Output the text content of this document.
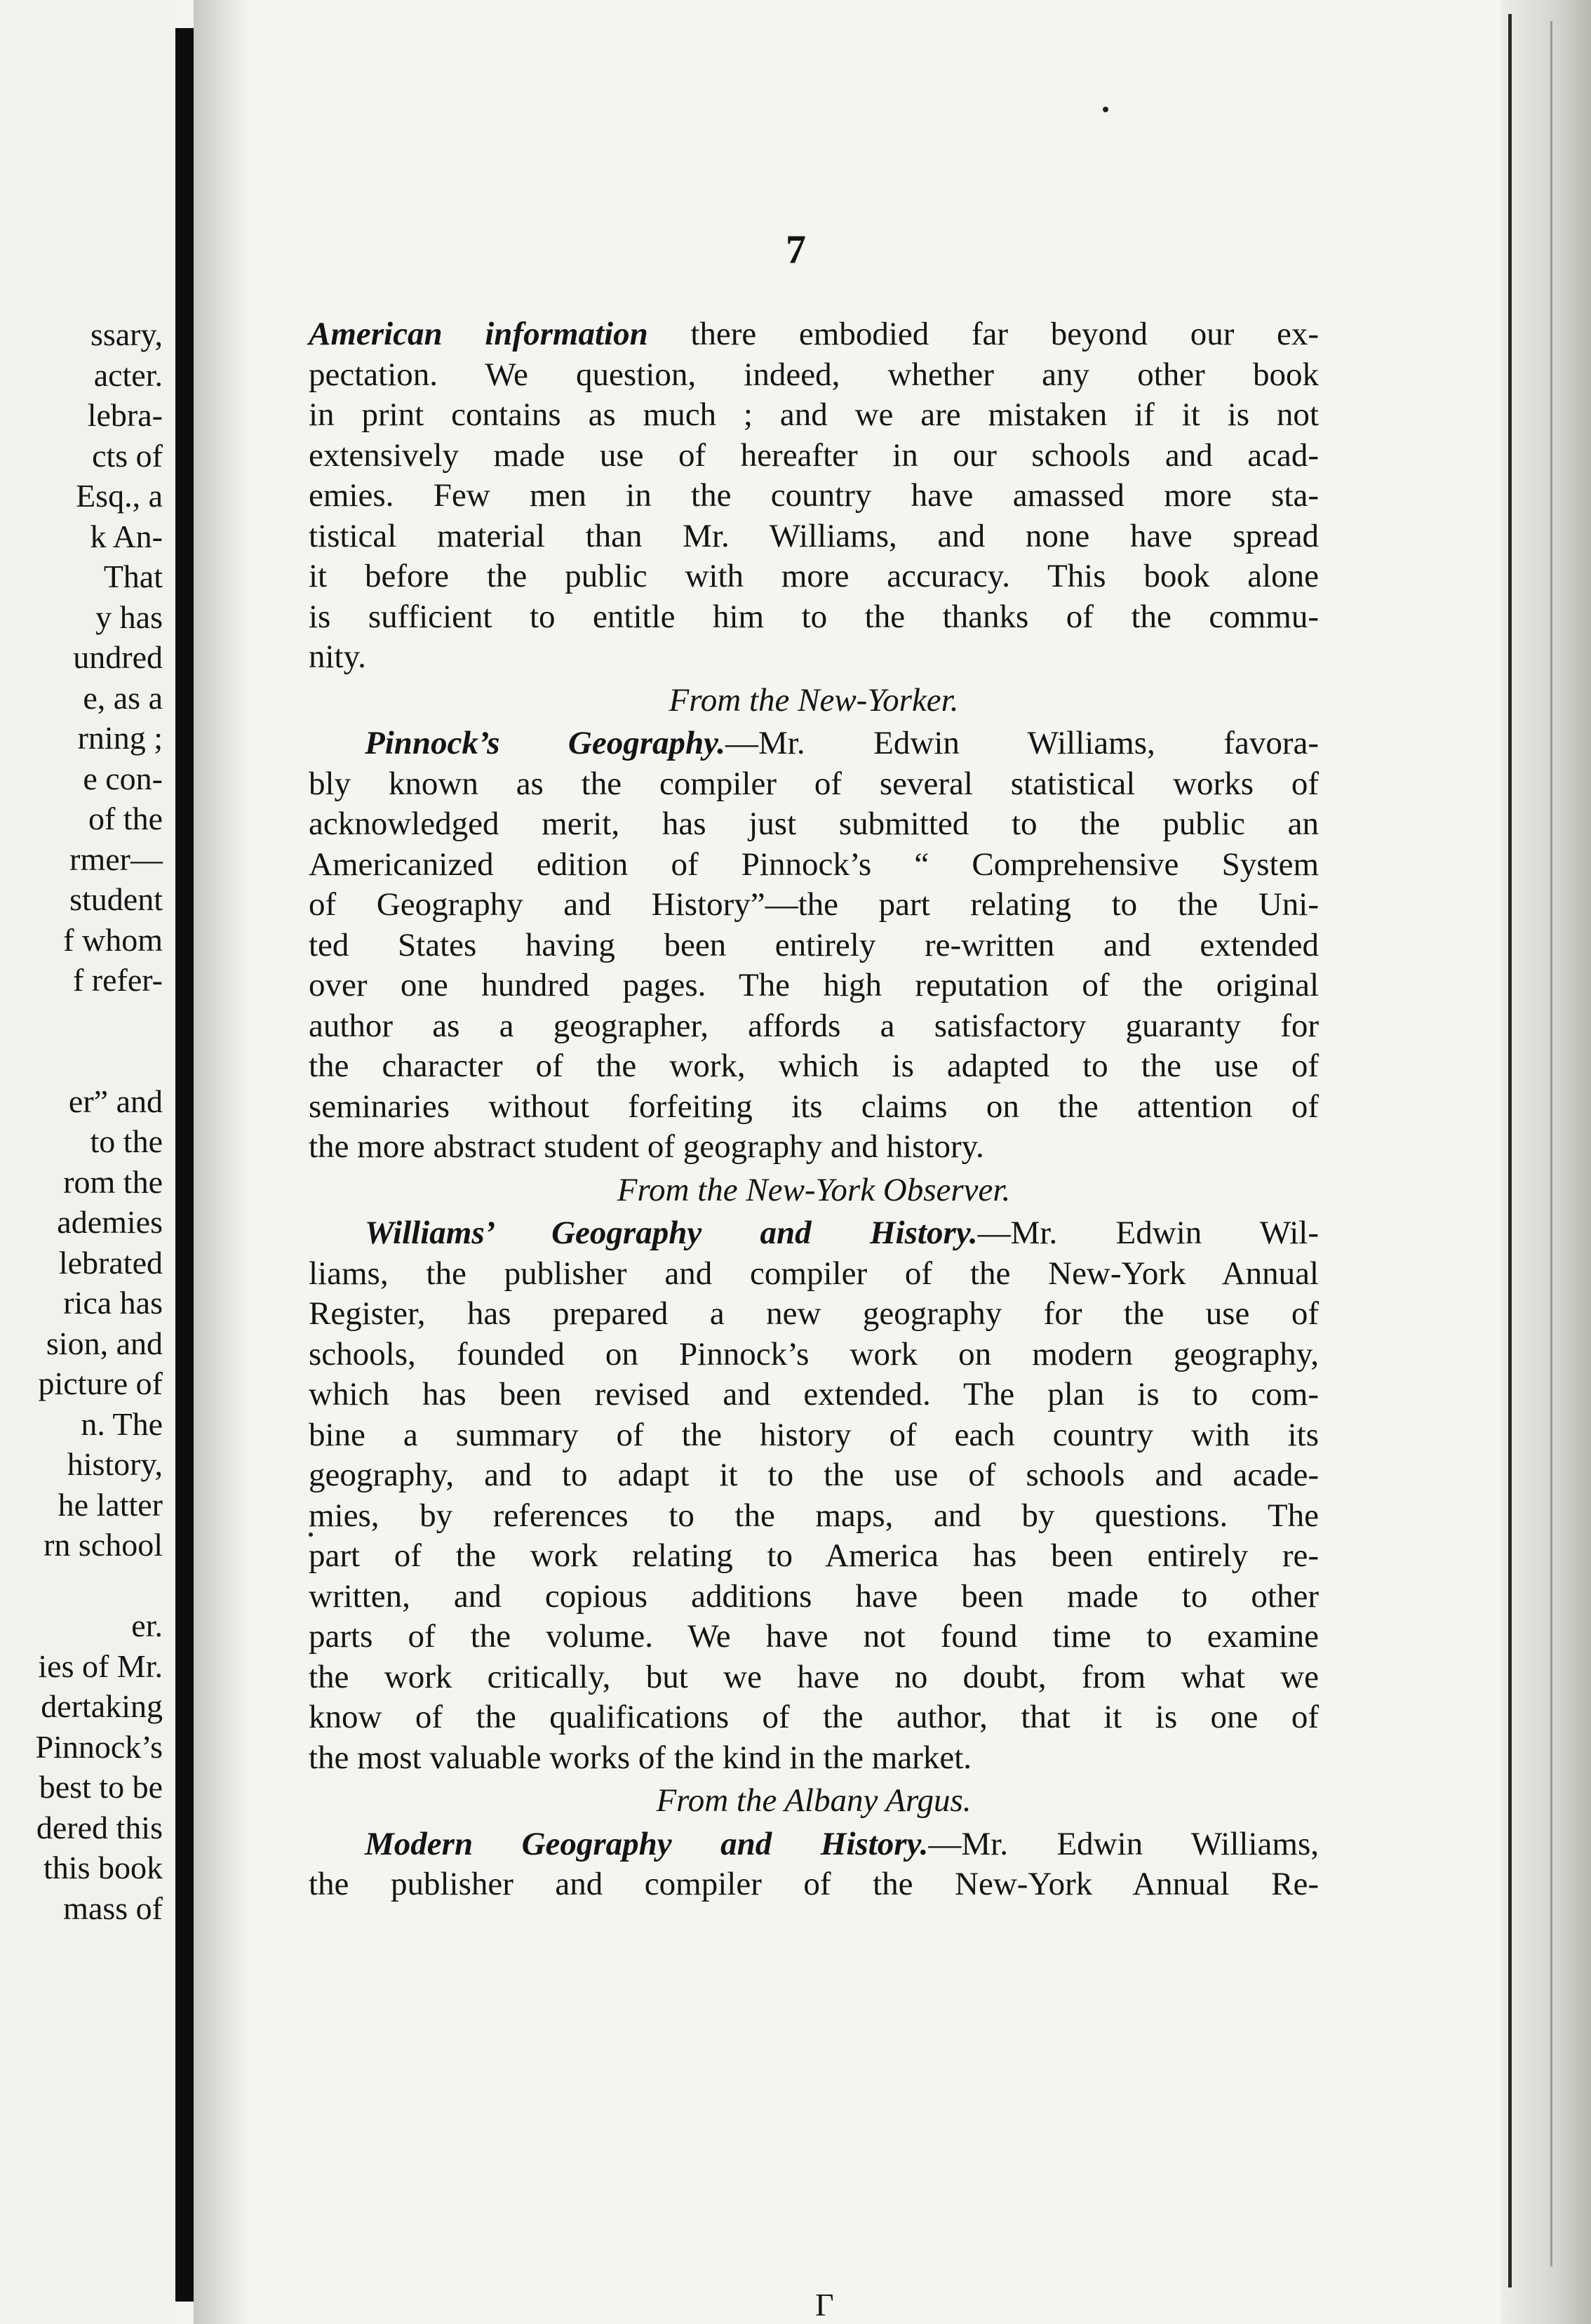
ssary,
acter.
lebra-
cts of
Esq., a
k An-
That
y has
undred
e, as a
rning ;
e con-
of the
rmer—
student
f whom
f refer-

er” and
to the
rom the
ademies
lebrated
rica has
sion, and
picture of
n. The
history,
he latter
rn school

er.
ies of Mr.
dertaking
Pinnock’s
best to be
dered this
this book
mass of
7
American information there embodied far beyond our ex-
pectation. We question, indeed, whether any other book
in print contains as much ; and we are mistaken if it is not
extensively made use of hereafter in our schools and acad-
emies. Few men in the country have amassed more sta-
tistical material than Mr. Williams, and none have spread
it before the public with more accuracy. This book alone
is sufficient to entitle him to the thanks of the commu-
nity.
From the New-Yorker.
Pinnock’s Geography.—Mr. Edwin Williams, favora-
bly known as the compiler of several statistical works of
acknowledged merit, has just submitted to the public an
Americanized edition of Pinnock’s “ Comprehensive System
of Geography and History”—the part relating to the Uni-
ted States having been entirely re-written and extended
over one hundred pages. The high reputation of the original
author as a geographer, affords a satisfactory guaranty for
the character of the work, which is adapted to the use of
seminaries without forfeiting its claims on the attention of
the more abstract student of geography and history.
From the New-York Observer.
Williams’ Geography and History.—Mr. Edwin Wil-
liams, the publisher and compiler of the New-York Annual
Register, has prepared a new geography for the use of
schools, founded on Pinnock’s work on modern geography,
which has been revised and extended. The plan is to com-
bine a summary of the history of each country with its
geography, and to adapt it to the use of schools and acade-
mies, by references to the maps, and by questions. The
part of the work relating to America has been entirely re-
written, and copious additions have been made to other
parts of the volume. We have not found time to examine
the work critically, but we have no doubt, from what we
know of the qualifications of the author, that it is one of
the most valuable works of the kind in the market.
From the Albany Argus.
Modern Geography and History.—Mr. Edwin Williams,
the publisher and compiler of the New-York Annual Re-
Γ
